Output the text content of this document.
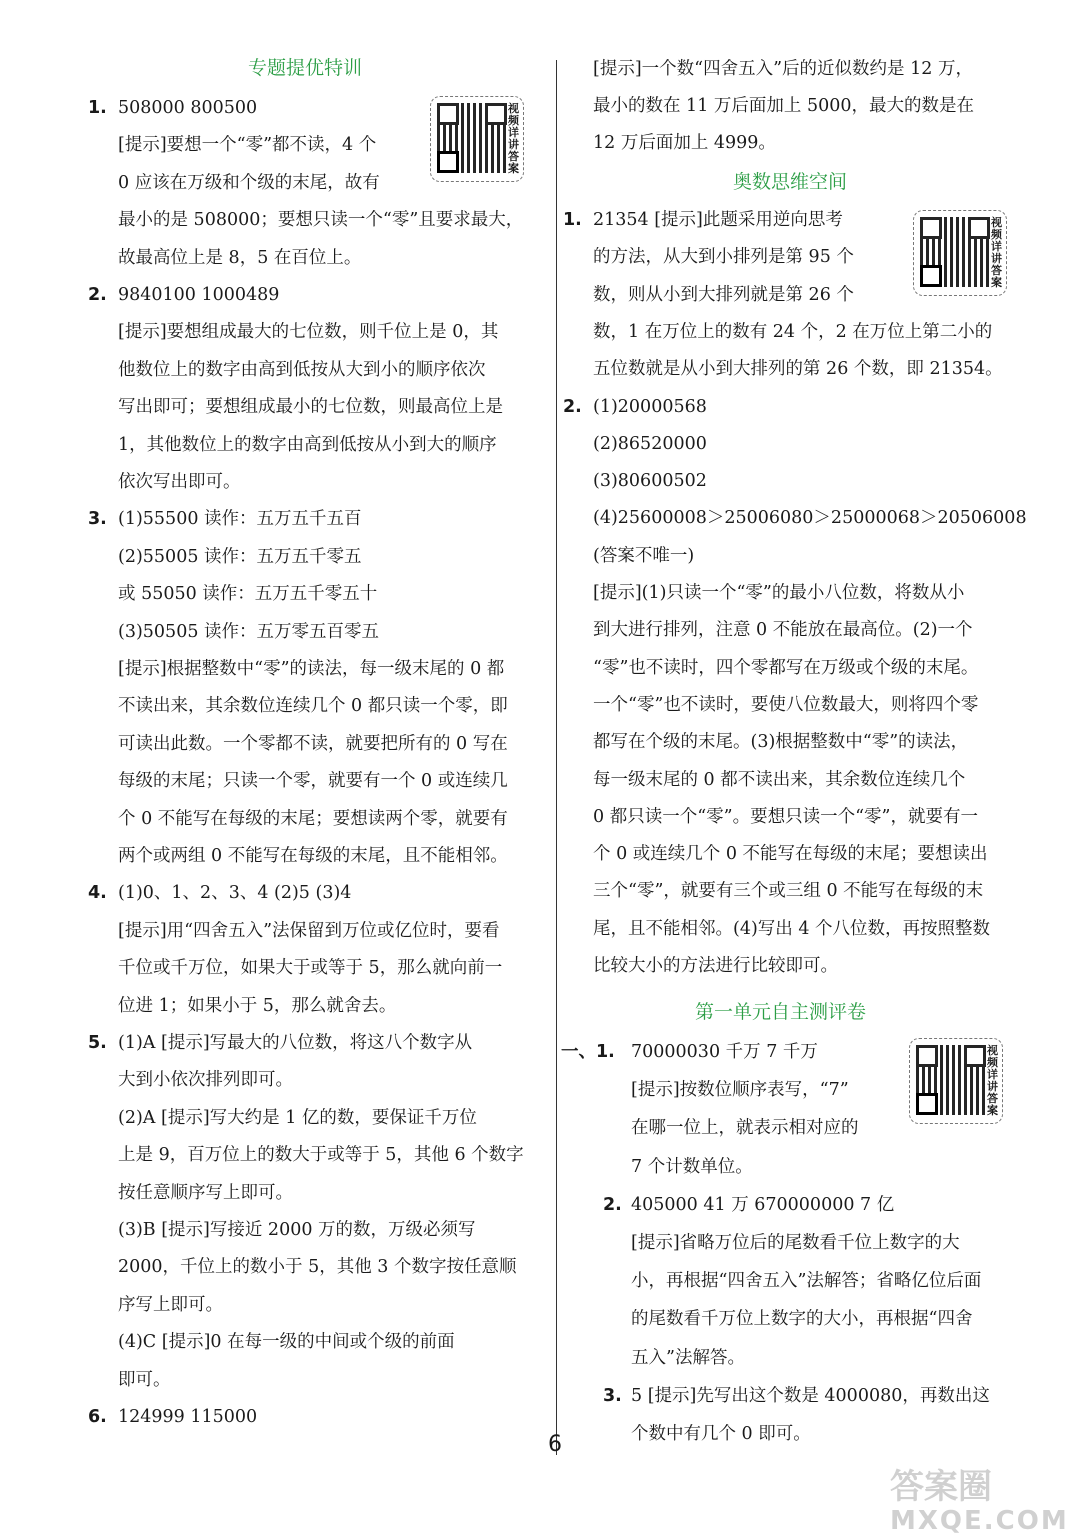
专题提优特训
视频详讲答案
1. 508000 800500
[提示]要想一个“零”都不读，4 个
0 应该在万级和个级的末尾，故有
最小的是 508000；要想只读一个“零”且要求最大，
故最高位上是 8，5 在百位上。
2. 9840100 1000489
[提示]要想组成最大的七位数，则千位上是 0，其
他数位上的数字由高到低按从大到小的顺序依次
写出即可；要想组成最小的七位数，则最高位上是
1，其他数位上的数字由高到低按从小到大的顺序
依次写出即可。
3. (1)55500 读作：五万五千五百
(2)55005 读作：五万五千零五
或 55050 读作：五万五千零五十
(3)50505 读作：五万零五百零五
[提示]根据整数中“零”的读法，每一级末尾的 0 都
不读出来，其余数位连续几个 0 都只读一个零，即
可读出此数。一个零都不读，就要把所有的 0 写在
每级的末尾；只读一个零，就要有一个 0 或连续几
个 0 不能写在每级的末尾；要想读两个零，就要有
两个或两组 0 不能写在每级的末尾，且不能相邻。
4. (1)0、1、2、3、4 (2)5 (3)4
[提示]用“四舍五入”法保留到万位或亿位时，要看
千位或千万位，如果大于或等于 5，那么就向前一
位进 1；如果小于 5，那么就舍去。
5. (1)A [提示]写最大的八位数，将这八个数字从
大到小依次排列即可。
(2)A [提示]写大约是 1 亿的数，要保证千万位
上是 9，百万位上的数大于或等于 5，其他 6 个数字
按任意顺序写上即可。
(3)B [提示]写接近 2000 万的数，万级必须写
2000，千位上的数小于 5，其他 3 个数字按任意顺
序写上即可。
(4)C [提示]0 在每一级的中间或个级的前面
即可。
6. 124999 115000
[提示]一个数“四舍五入”后的近似数约是 12 万，
最小的数在 11 万后面加上 5000，最大的数是在
12 万后面加上 4999。
奥数思维空间
视频详讲答案
1. 21354 [提示]此题采用逆向思考
的方法，从大到小排列是第 95 个
数，则从小到大排列就是第 26 个
数，1 在万位上的数有 24 个，2 在万位上第二小的
五位数就是从小到大排列的第 26 个数，即 21354。
2. (1)20000568
(2)86520000
(3)80600502
(4)25600008＞25006080＞25000068＞20506008
(答案不唯一)
[提示](1)只读一个“零”的最小八位数，将数从小
到大进行排列，注意 0 不能放在最高位。(2)一个
“零”也不读时，四个零都写在万级或个级的末尾。
一个“零”也不读时，要使八位数最大，则将四个零
都写在个级的末尾。(3)根据整数中“零”的读法，
每一级末尾的 0 都不读出来，其余数位连续几个
0 都只读一个“零”。要想只读一个“零”，就要有一
个 0 或连续几个 0 不能写在每级的末尾；要想读出
三个“零”，就要有三个或三组 0 不能写在每级的末
尾，且不能相邻。(4)写出 4 个八位数，再按照整数
比较大小的方法进行比较即可。
第一单元自主测评卷
视频详讲答案
一、1. 70000030 千万 7 千万
[提示]按数位顺序表写，“7”
在哪一位上，就表示相对应的
7 个计数单位。
2. 405000 41 万 670000000 7 亿
[提示]省略万位后的尾数看千位上数字的大
小，再根据“四舍五入”法解答；省略亿位后面
的尾数看千万位上数字的大小，再根据“四舍
五入”法解答。
3. 5 [提示]先写出这个数是 4000080，再数出这
个数中有几个 0 即可。
6
答案圈
MXQE.COM
